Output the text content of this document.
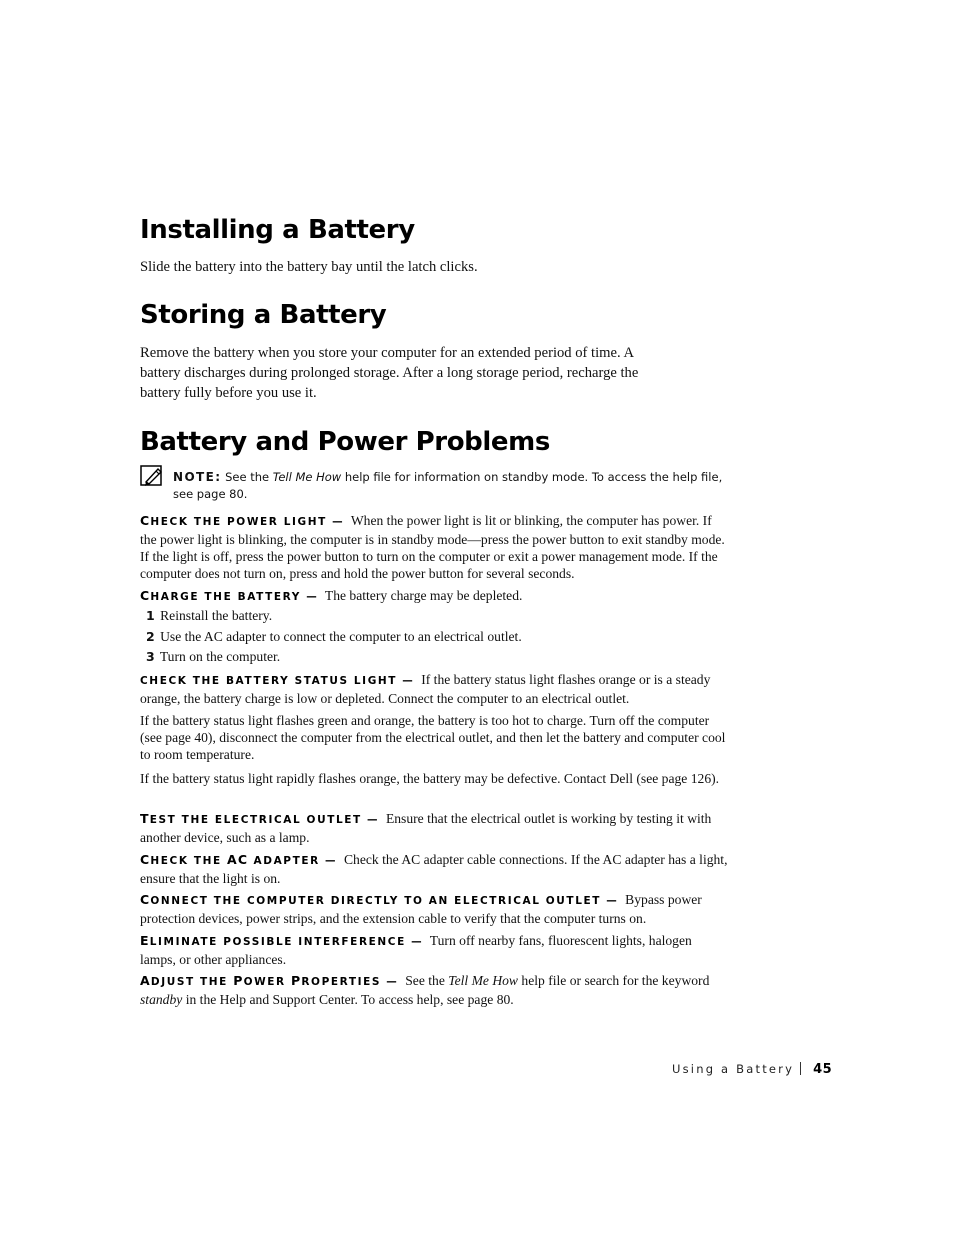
Installing a Battery
Slide the battery into the battery bay until the latch clicks.
Storing a Battery
Remove the battery when you store your computer for an extended period of time. A
battery discharges during prolonged storage. After a long storage period, recharge the
battery fully before you use it.
Battery and Power Problems
NOTE: See the Tell Me How help file for information on standby mode. To access the help file,
see page 80.
CHECK THE POWER LIGHT — When the power light is lit or blinking, the computer has power. If the power light is blinking, the computer is in standby mode—press the power button to exit standby mode. If the light is off, press the power button to turn on the computer or exit a power management mode. If the computer does not turn on, press and hold the power button for several seconds.
CHARGE THE BATTERY — The battery charge may be depleted.
1 Reinstall the battery.
2 Use the AC adapter to connect the computer to an electrical outlet.
3 Turn on the computer.
CHECK THE BATTERY STATUS LIGHT — If the battery status light flashes orange or is a steady orange, the battery charge is low or depleted. Connect the computer to an electrical outlet.
If the battery status light flashes green and orange, the battery is too hot to charge. Turn off the computer (see page 40), disconnect the computer from the electrical outlet, and then let the battery and computer cool to room temperature.
If the battery status light rapidly flashes orange, the battery may be defective. Contact Dell (see page 126).
TEST THE ELECTRICAL OUTLET — Ensure that the electrical outlet is working by testing it with another device, such as a lamp.
CHECK THE AC ADAPTER — Check the AC adapter cable connections. If the AC adapter has a light, ensure that the light is on.
CONNECT THE COMPUTER DIRECTLY TO AN ELECTRICAL OUTLET — Bypass power protection devices, power strips, and the extension cable to verify that the computer turns on.
ELIMINATE POSSIBLE INTERFERENCE — Turn off nearby fans, fluorescent lights, halogen lamps, or other appliances.
ADJUST THE POWER PROPERTIES — See the Tell Me How help file or search for the keyword standby in the Help and Support Center. To access help, see page 80.
Using a Battery 45
